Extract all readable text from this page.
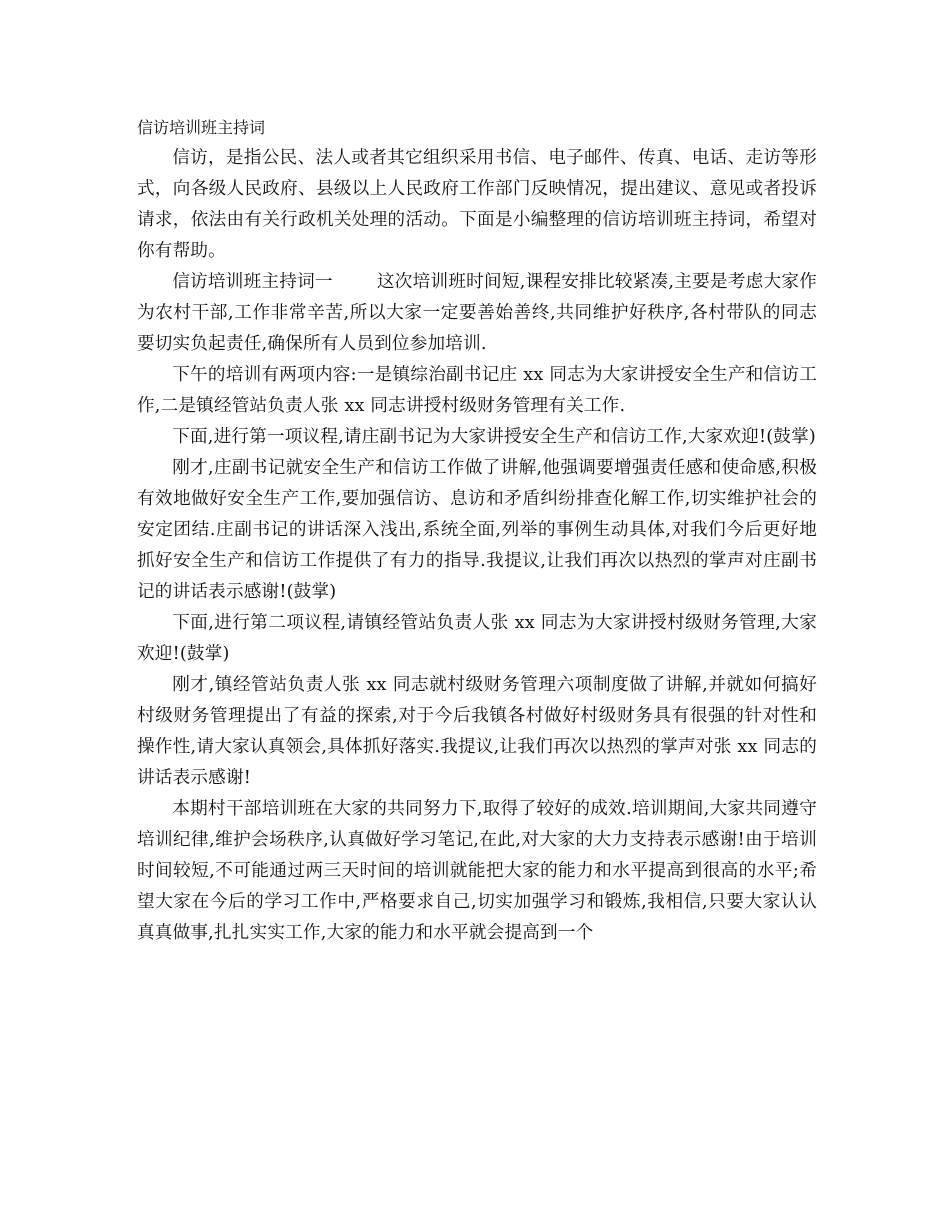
信访培训班主持词

信访，是指公民、法人或者其它组织采用书信、电子邮件、传真、电话、走访等形式，向各级人民政府、县级以上人民政府工作部门反映情况，提出建议、意见或者投诉请求，依法由有关行政机关处理的活动。下面是小编整理的信访培训班主持词，希望对你有帮助。

信访培训班主持词一	这次培训班时间短,课程安排比较紧凑,主要是考虑大家作为农村干部,工作非常辛苦,所以大家一定要善始善终,共同维护好秩序,各村带队的同志要切实负起责任,确保所有人员到位参加培训.

下午的培训有两项内容:一是镇综治副书记庄 xx 同志为大家讲授安全生产和信访工作,二是镇经管站负责人张 xx 同志讲授村级财务管理有关工作.

下面,进行第一项议程,请庄副书记为大家讲授安全生产和信访工作,大家欢迎!(鼓掌)

刚才,庄副书记就安全生产和信访工作做了讲解,他强调要增强责任感和使命感,积极有效地做好安全生产工作,要加强信访、息访和矛盾纠纷排查化解工作,切实维护社会的安定团结.庄副书记的讲话深入浅出,系统全面,列举的事例生动具体,对我们今后更好地抓好安全生产和信访工作提供了有力的指导.我提议,让我们再次以热烈的掌声对庄副书记的讲话表示感谢!(鼓掌)

下面,进行第二项议程,请镇经管站负责人张 xx 同志为大家讲授村级财务管理,大家欢迎!(鼓掌)

刚才,镇经管站负责人张 xx 同志就村级财务管理六项制度做了讲解,并就如何搞好村级财务管理提出了有益的探索,对于今后我镇各村做好村级财务具有很强的针对性和操作性,请大家认真领会,具体抓好落实.我提议,让我们再次以热烈的掌声对张 xx 同志的讲话表示感谢!

本期村干部培训班在大家的共同努力下,取得了较好的成效.培训期间,大家共同遵守培训纪律,维护会场秩序,认真做好学习笔记,在此,对大家的大力支持表示感谢!由于培训时间较短,不可能通过两三天时间的培训就能把大家的能力和水平提高到很高的水平;希望大家在今后的学习工作中,严格要求自己,切实加强学习和锻炼,我相信,只要大家认认真真做事,扎扎实实工作,大家的能力和水平就会提高到一个
